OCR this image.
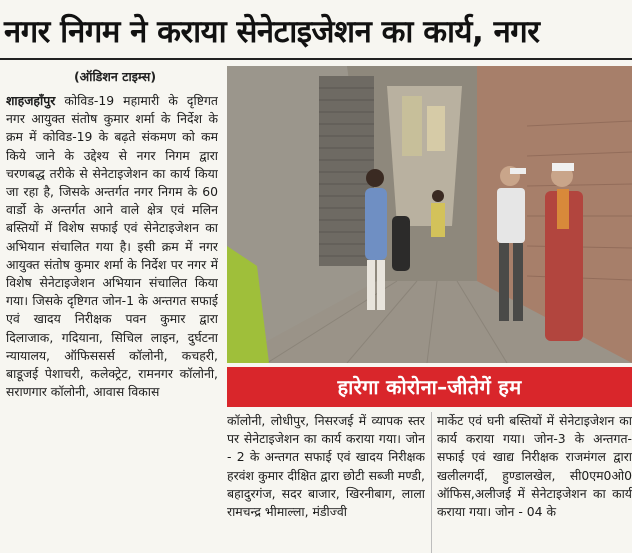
नगर निगम ने कराया सेनेटाइजेशन का कार्य, नगर
(ऑडिशन टाइम्स)
शाहजहाँपुर कोविड-19 महामारी के दृष्टिगत नगर आयुक्त संतोष कुमार शर्मा के निर्देश के क्रम में कोविड-19 के बढ़ते संकमण को कम किये जाने के उद्देश्य से नगर निगम द्वारा चरणबद्ध तरीके से सेनेटाइजेशन का कार्य किया जा रहा है, जिसके अन्तर्गत नगर निगम के 60 वार्डो के अन्तर्गत आने वाले क्षेत्र एवं मलिन बस्तियों में विशेष सफाई एवं सेनेटाइजेशन का अभियान संचालित गया है। इसी क्रम में नगर आयुक्त संतोष कुमार शर्मा के निर्देश पर नगर में विशेष सेनेटाइजेशन अभियान संचालित किया गया। जिसके दृष्टिगत जोन-1 के अन्तगत सफाई एवं खादय निरीक्षक पवन कुमार द्वारा दिलाजाक, गदियाना, सिचिल लाइन, दुर्घटना न्यायालय, ऑफिससर्स कॉलोनी, कचहरी, बाडूजई पेशाचरी, कलेक्ट्रेट, रामनगर कॉलोनी, सराणगार कॉलोनी, आवास विकास	हारेगा कोरोना–जीतेगें हम
कॉलोनी, लोधीपुर, निसरजई में व्यापक स्तर पर सेनेटाइजेशन का कार्य कराया गया। जोन - 2 के अन्तगत सफाई एवं खादय निरीक्षक हरवंश कुमार दीक्षित द्वारा छोटी सब्जी मण्डी, बहादुरगंज, सदर बाजार, खिरनीबाग, लाला रामचन्द्र भीमाल्ला, मंडीज्वी
मार्केट एवं घनी बस्तियों में सेनेटाइजेशन का कार्य कराया गया। जोन-3 के अन्तगत- सफाई एवं खाद्य निरीक्षक राजमंगल द्वारा खलीलगर्दी, हुण्डालखेल, सी0एम0ओ0 ऑफिस,अलीजई में सेनेटाइजेशन का कार्य कराया गया। जोन - 04 के
